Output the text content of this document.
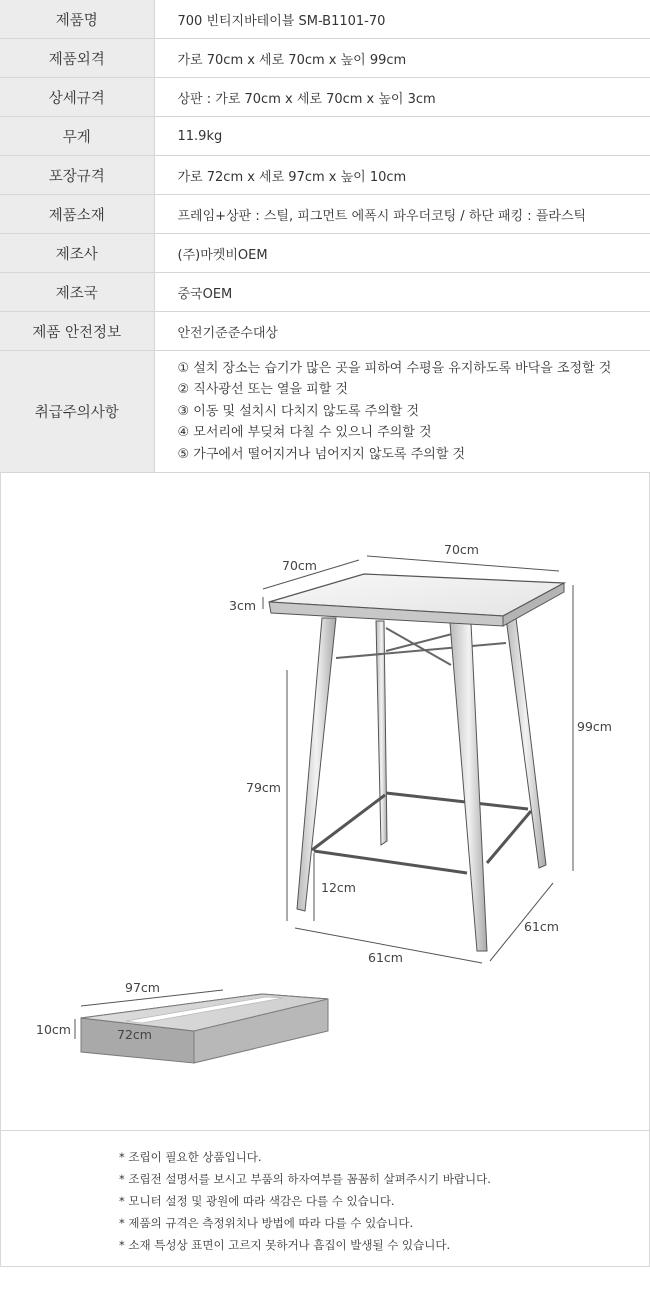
제품명	700 빈티지바테이블 SM-B1101-70
제품외격	가로 70cm x 세로 70cm x 높이 99cm
상세규격	상판 : 가로 70cm x 세로 70cm x 높이 3cm
무게	11.9kg
포장규격	가로 72cm x 세로 97cm x 높이 10cm
제품소재	프레임+상판 : 스틸, 피그먼트 에폭시 파우더코팅 / 하단 패킹 : 플라스틱
제조사	(주)마켓비OEM
제조국	중국OEM
제품 안전정보	안전기준준수대상
취급주의사항	① 설치 장소는 습기가 많은 곳을 피하여 수평을 유지하도록 바닥을 조정할 것
② 직사광선 또는 열을 피할 것
③ 이동 및 설치시 다치지 않도록 주의할 것
④ 모서리에 부딪쳐 다칠 수 있으니 주의할 것
⑤ 가구에서 떨어지거나 넘어지지 않도록 주의할 것
70cm
70cm
3cm
99cm
79cm
12cm
61cm
61cm
97cm
10cm	72cm
* 조립이 필요한 상품입니다.
* 조립전 설명서를 보시고 부품의 하자여부를 꼼꼼히 살펴주시기 바랍니다.
* 모니터 설정 및 광원에 따라 색감은 다를 수 있습니다.
* 제품의 규격은 측정위치나 방법에 따라 다를 수 있습니다.
* 소재 특성상 표면이 고르지 못하거나 흠집이 발생될 수 있습니다.
